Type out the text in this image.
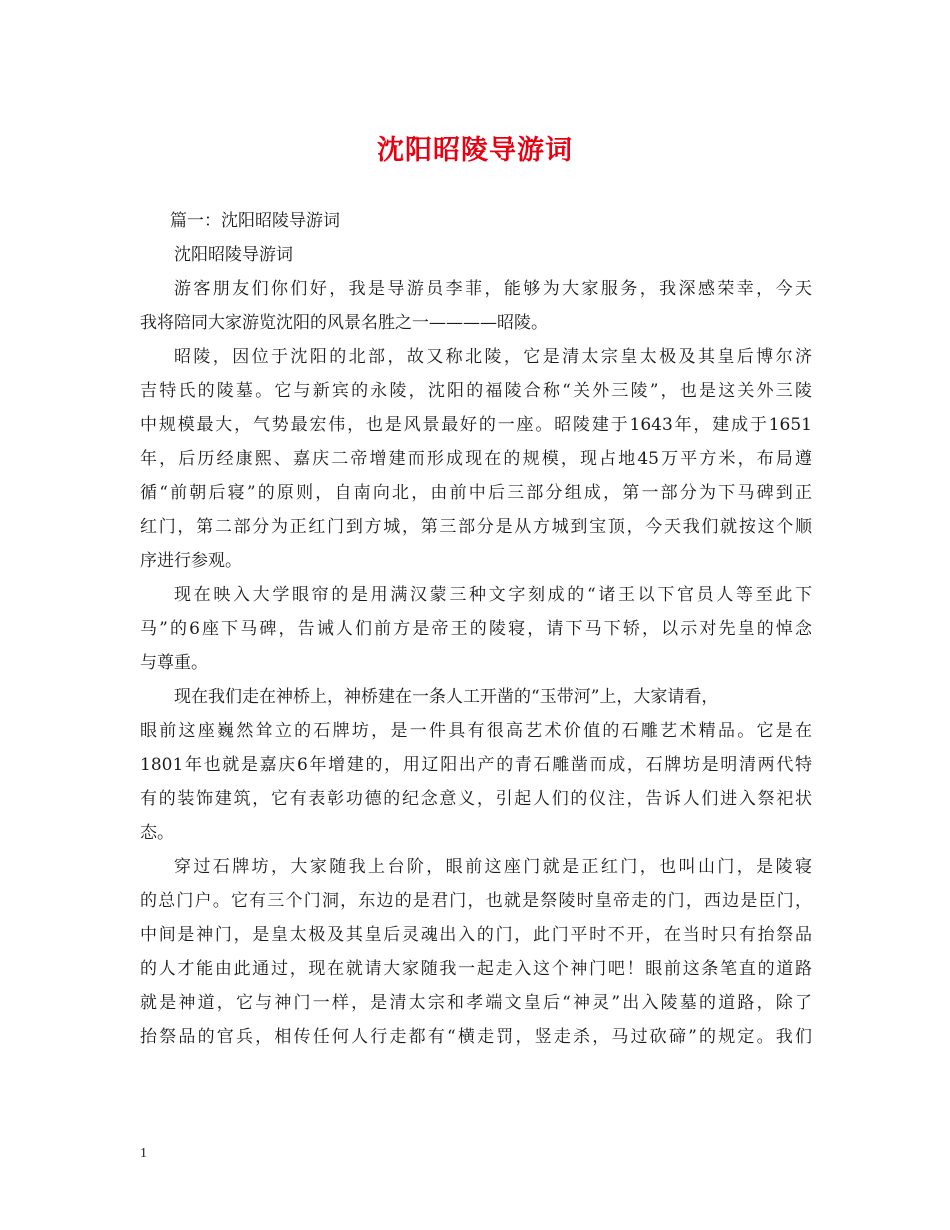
沈阳昭陵导游词

篇一：沈阳昭陵导游词

沈阳昭陵导游词

游客朋友们你们好，我是导游员李菲，能够为大家服务，我深感荣幸，今天

我将陪同大家游览沈阳的风景名胜之一————昭陵。

昭陵，因位于沈阳的北部，故又称北陵，它是清太宗皇太极及其皇后博尔济

吉特氏的陵墓。它与新宾的永陵，沈阳的福陵合称“关外三陵”，也是这关外三陵

中规模最大，气势最宏伟，也是风景最好的一座。昭陵建于1643年，建成于1651

年，后历经康熙、嘉庆二帝增建而形成现在的规模，现占地45万平方米，布局遵

循“前朝后寝”的原则，自南向北，由前中后三部分组成，第一部分为下马碑到正

红门，第二部分为正红门到方城，第三部分是从方城到宝顶，今天我们就按这个顺

序进行参观。

现在映入大学眼帘的是用满汉蒙三种文字刻成的“诸王以下官员人等至此下

马”的6座下马碑，告诫人们前方是帝王的陵寝，请下马下轿，以示对先皇的悼念

与尊重。

现在我们走在神桥上，神桥建在一条人工开凿的“玉带河”上，大家请看，

眼前这座巍然耸立的石牌坊，是一件具有很高艺术价值的石雕艺术精品。它是在

1801年也就是嘉庆6年增建的，用辽阳出产的青石雕凿而成，石牌坊是明清两代特

有的装饰建筑，它有表彰功德的纪念意义，引起人们的仪注，告诉人们进入祭祀状

态。

穿过石牌坊，大家随我上台阶，眼前这座门就是正红门，也叫山门，是陵寝

的总门户。它有三个门洞，东边的是君门，也就是祭陵时皇帝走的门，西边是臣门，

中间是神门，是皇太极及其皇后灵魂出入的门，此门平时不开，在当时只有抬祭品

的人才能由此通过，现在就请大家随我一起走入这个神门吧！眼前这条笔直的道路

就是神道，它与神门一样，是清太宗和孝端文皇后“神灵”出入陵墓的道路，除了

抬祭品的官兵，相传任何人行走都有“横走罚，竖走杀，马过砍碲”的规定。我们

1
